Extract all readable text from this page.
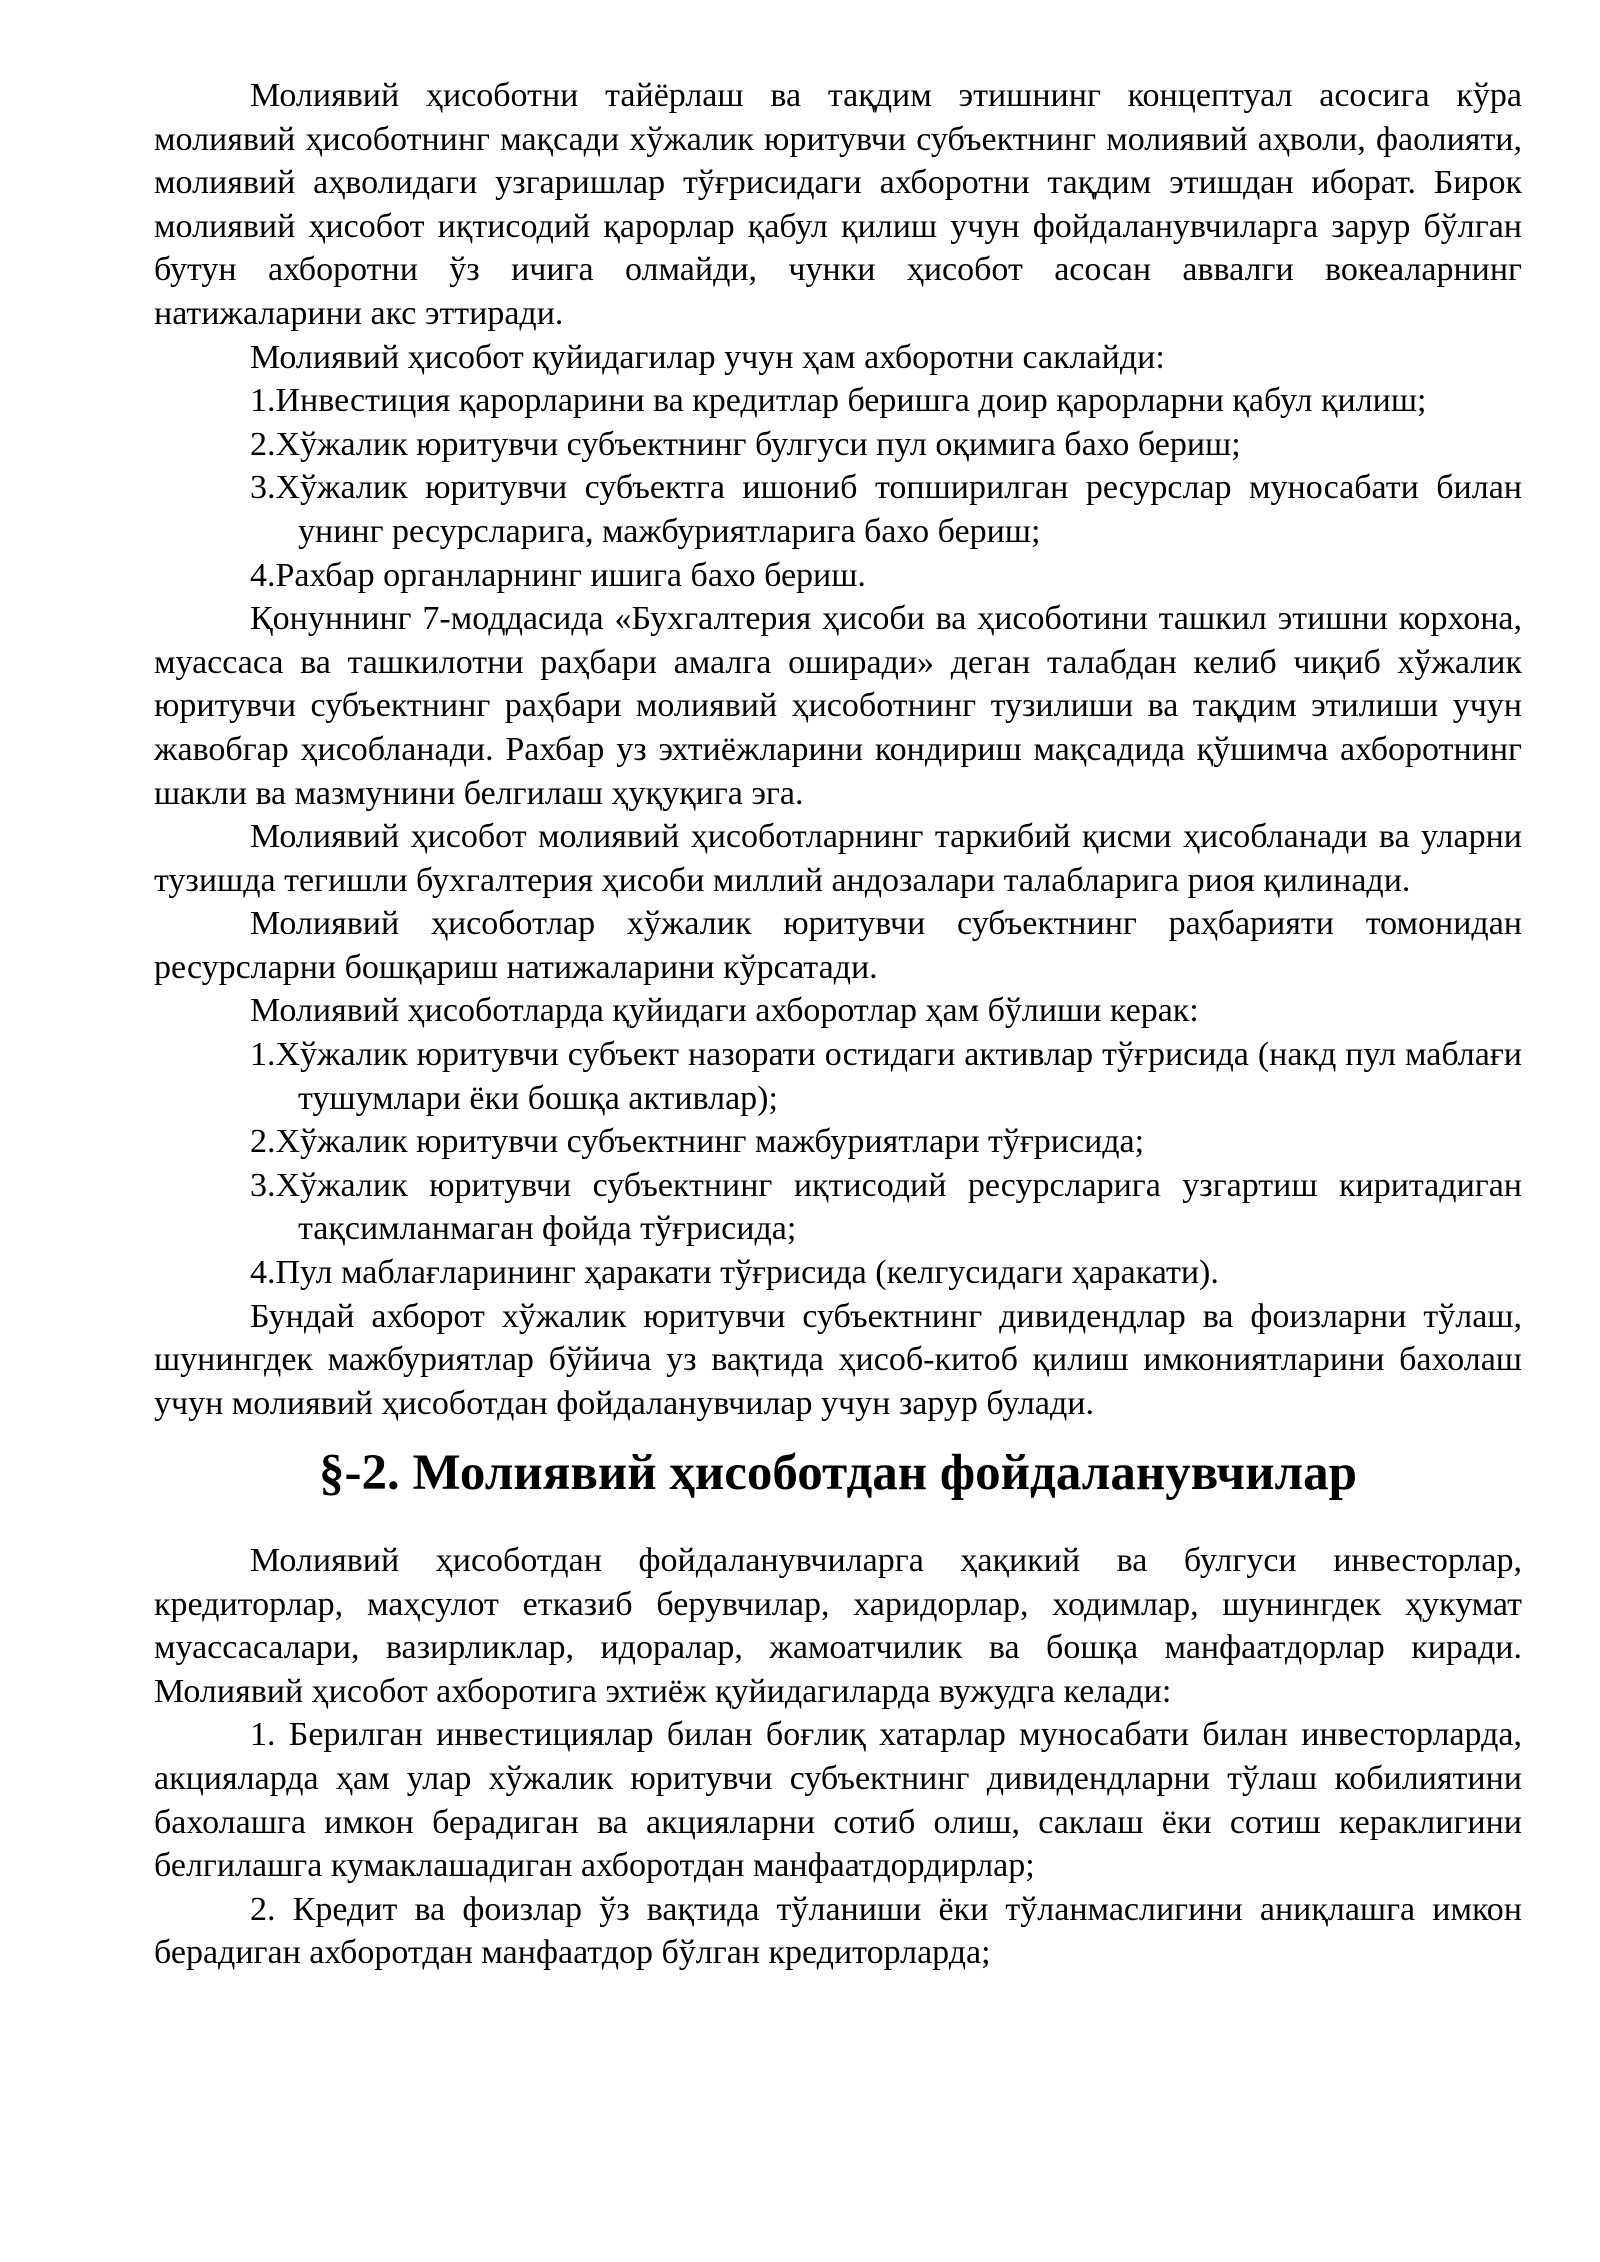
Молиявий ҳисоботни тайёрлаш ва тақдим этишнинг концептуал асосига кўра молиявий ҳисоботнинг мақсади хўжалик юритувчи субъектнинг молиявий аҳволи, фаолияти, молиявий аҳволидаги узгаришлар тўғрисидаги ахборотни тақдим этишдан иборат. Бирок молиявий ҳисобот иқтисодий қарорлар қабул қилиш учун фойдаланувчиларга зарур бўлган бутун ахборотни ўз ичига олмайди, чунки ҳисобот асосан аввалги вокеаларнинг натижаларини акс эттиради.

Молиявий ҳисобот қуйидагилар учун ҳам ахборотни саклайди:

1.Инвестиция қарорларини ва кредитлар беришга доир қарорларни қабул қилиш;

2.Хўжалик юритувчи субъектнинг булгуси пул оқимига бахо бериш;

3.Хўжалик юритувчи субъектга ишониб топширилган ресурслар муносабати билан унинг ресурсларига, мажбуриятларига бахо бериш;

4.Рахбар органларнинг ишига бахо бериш.

Қонуннинг 7-моддасида «Бухгалтерия ҳисоби ва ҳисоботини ташкил этишни корхона, муассаса ва ташкилотни раҳбари амалга оширади» деган талабдан келиб чиқиб хўжалик юритувчи субъектнинг раҳбари молиявий ҳисоботнинг тузилиши ва тақдим этилиши учун жавобгар ҳисобланади. Рахбар уз эхтиёжларини кондириш мақсадида қўшимча ахборотнинг шакли ва мазмунини белгилаш ҳуқуқига эга.

Молиявий ҳисобот молиявий ҳисоботларнинг таркибий қисми ҳисобланади ва уларни тузишда тегишли бухгалтерия ҳисоби миллий андозалари талабларига риоя қилинади.

Молиявий ҳисоботлар хўжалик юритувчи субъектнинг раҳбарияти томонидан ресурсларни бошқариш натижаларини кўрсатади.

Молиявий ҳисоботларда қуйидаги ахборотлар ҳам бўлиши керак:

1.Хўжалик юритувчи субъект назорати остидаги активлар тўғрисида (накд пул маблағи тушумлари ёки бошқа активлар);

2.Хўжалик юритувчи субъектнинг мажбуриятлари тўғрисида;

3.Хўжалик юритувчи субъектнинг иқтисодий ресурсларига узгартиш киритадиган тақсимланмаган фойда тўғрисида;

4.Пул маблағларининг ҳаракати тўғрисида (келгусидаги ҳаракати).

Бундай ахборот хўжалик юритувчи субъектнинг дивидендлар ва фоизларни тўлаш, шунингдек мажбуриятлар бўйича уз вақтида ҳисоб-китоб қилиш имкониятларини бахолаш учун молиявий ҳисоботдан фойдаланувчилар учун зарур булади.

§-2. Молиявий ҳисоботдан фойдаланувчилар

Молиявий ҳисоботдан фойдаланувчиларга ҳақикий ва булгуси инвесторлар, кредиторлар, маҳсулот етказиб берувчилар, харидорлар, ходимлар, шунингдек ҳукумат муассасалари, вазирликлар, идоралар, жамоатчилик ва бошқа манфаатдорлар киради. Молиявий ҳисобот ахборотига эхтиёж қуйидагиларда вужудга келади:

1. Берилган инвестициялар билан боғлиқ хатарлар муносабати билан инвесторларда, акцияларда ҳам улар хўжалик юритувчи субъектнинг дивидендларни тўлаш кобилиятини бахолашга имкон берадиган ва акцияларни сотиб олиш, саклаш ёки сотиш кераклигини белгилашга кумаклашадиган ахборотдан манфаатдордирлар;

2. Кредит ва фоизлар ўз вақтида тўланиши ёки тўланмаслигини аниқлашга имкон берадиган ахборотдан манфаатдор бўлган кредиторларда;
